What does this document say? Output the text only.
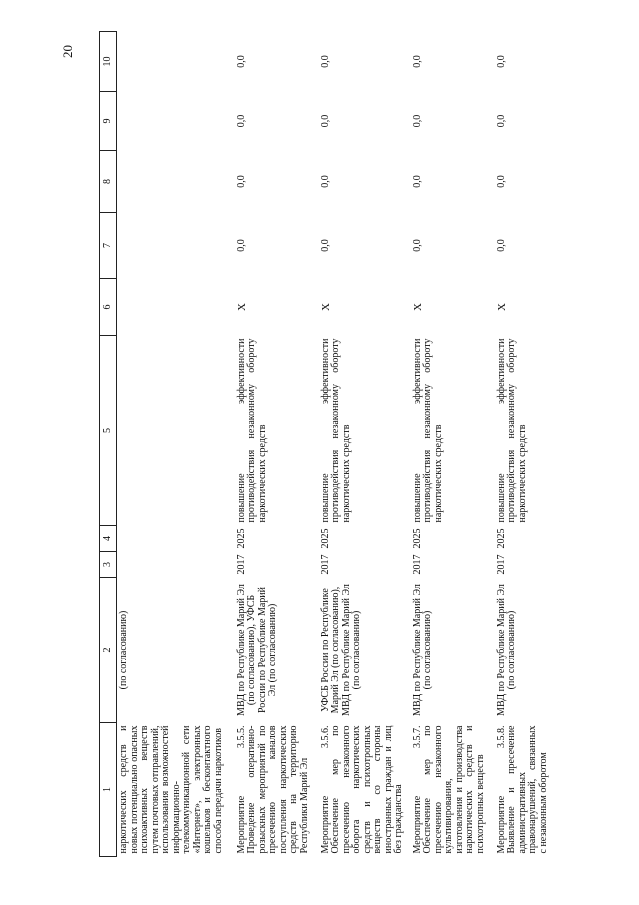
20
1	2	3	4	5	6	7	8	9	10
наркотических средств и новых потенциально опасных психоактивных веществ путем почтовых отправлений, использования возможностей информационно-телекоммуникационной сети «Интернет», электронных кошельков и бесконтактного способа передачи наркотиков	(по согласованию)								
Мероприятие 3.5.5. Проведение оперативно-розыскных мероприятий по пресечению каналов поступления наркотических средств на территорию Республики Марий Эл	МВД по Республике Марий Эл (по согласованию), УФСБ России по Республике Марий Эл (по согласованию)	2017	2025	повышение эффективности противодействия незаконному обороту наркотических средств	X	0,0	0,0	0,0	0,0
Мероприятие 3.5.6. Обеспечение мер по пресечению незаконного оборота наркотических средств и психотропных веществ со стороны иностранных граждан и лиц без гражданства	УФСБ России по Республике Марий Эл (по согласованию), МВД по Республике Марий Эл (по согласованию)	2017	2025	повышение эффективности противодействия незаконному обороту наркотических средств	X	0,0	0,0	0,0	0,0
Мероприятие 3.5.7. Обеспечение мер по пресечению незаконного культивирования, изготовления и производства наркотических средств и психотропных веществ	МВД по Республике Марий Эл (по согласованию)	2017	2025	повышение эффективности противодействия незаконному обороту наркотических средств	X	0,0	0,0	0,0	0,0
Мероприятие 3.5.8. Выявление и пресечение административных правонарушений, связанных с незаконным оборотом	МВД по Республике Марий Эл (по согласованию)	2017	2025	повышение эффективности противодействия незаконному обороту наркотических средств	X	0,0	0,0	0,0	0,0
